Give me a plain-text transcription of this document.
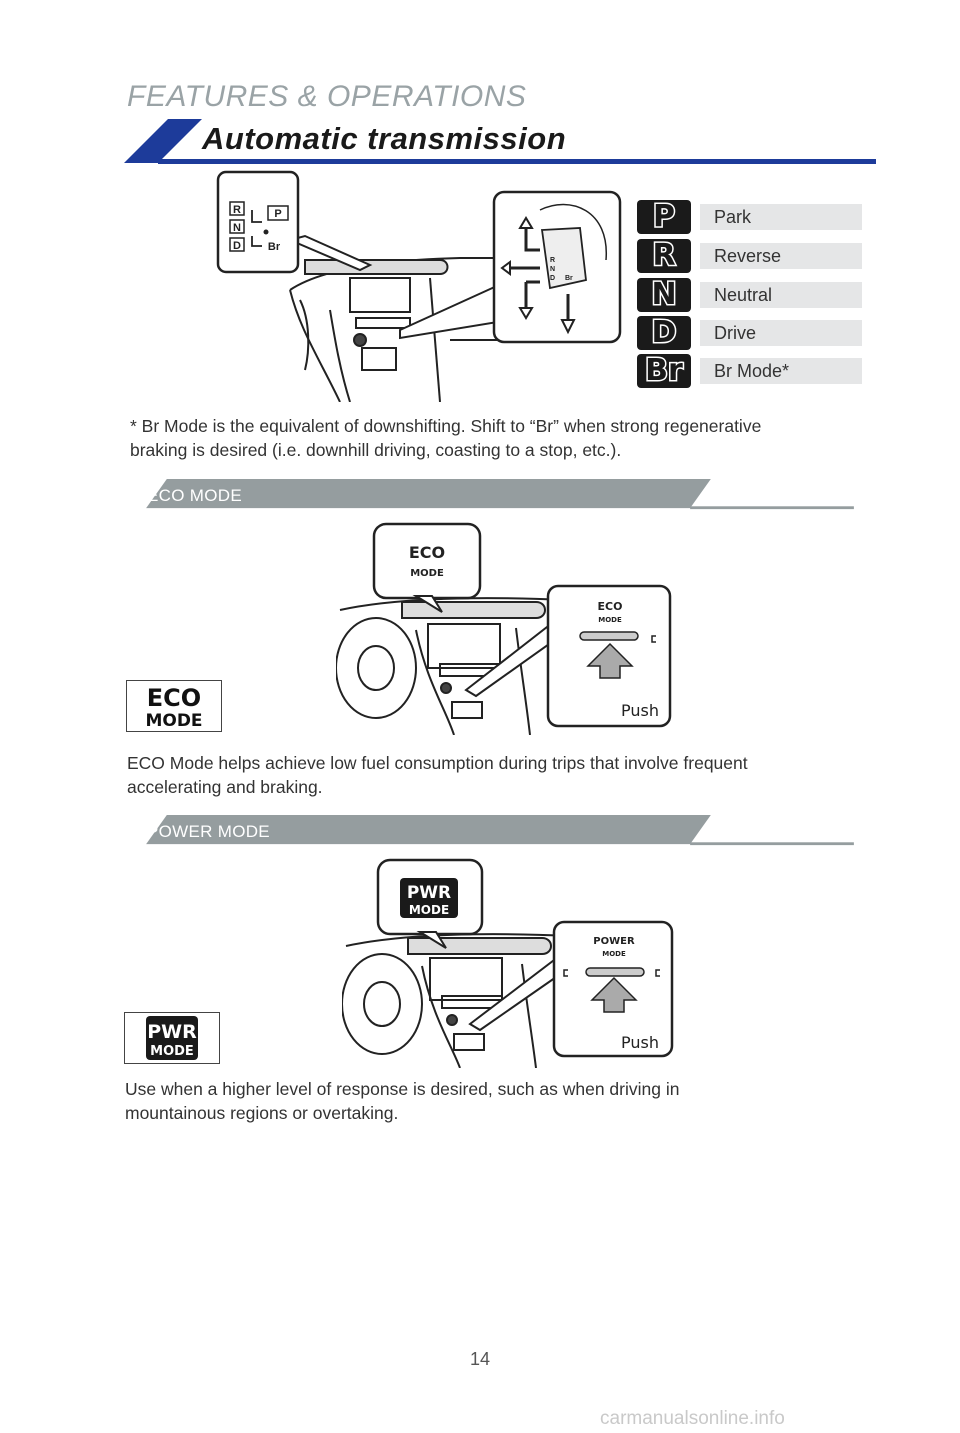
FEATURES & OPERATIONS
Automatic transmission
R
N
D
P
Br
R
N
D Br
P	Park
R	Reverse
N	Neutral
D	Drive
Br	Br Mode*
* Br Mode is the equivalent of downshifting. Shift to “Br” when strong regenerative
braking is desired (i.e. downhill driving, coasting to a stop, etc.).
ECO MODE
ECO
MODE
ECO
MODE
Push
ECO
MODE
ECO Mode helps achieve low fuel consumption during trips that involve frequent
accelerating and braking.
POWER MODE
PWR
MODE
POWER
MODE
Push
PWR
MODE
Use when a higher level of response is desired, such as when driving in
mountainous regions or overtaking.
14
carmanualsonline.info
